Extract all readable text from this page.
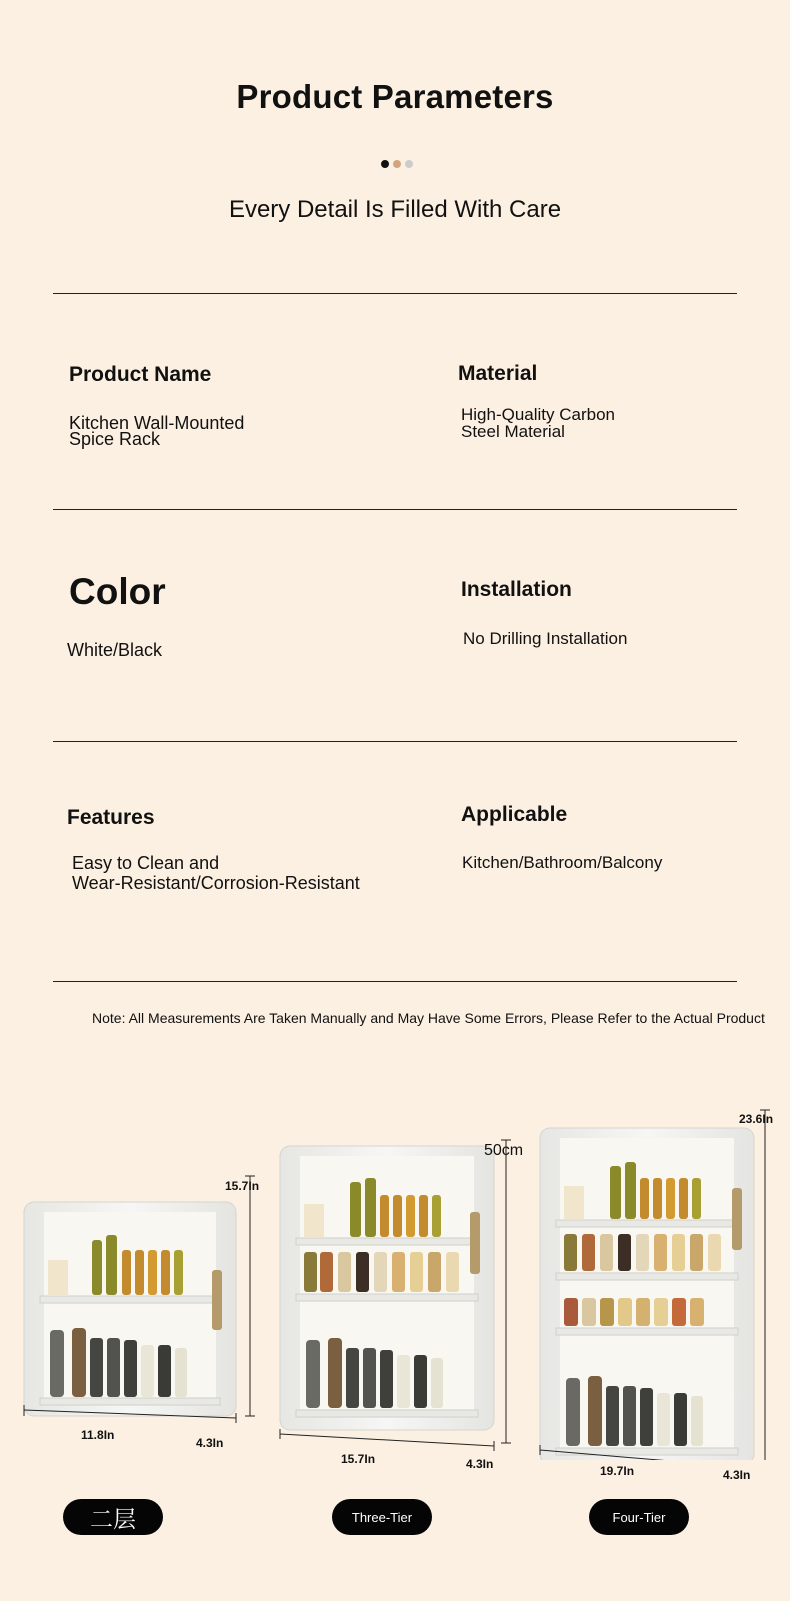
Product Parameters
Every Detail Is Filled With Care
Product Name
Kitchen Wall-Mounted
Spice Rack
Material
High-Quality Carbon
Steel Material
Color
White/Black
Installation
No Drilling Installation
Features
Easy to Clean and
Wear-Resistant/Corrosion-Resistant
Applicable
Kitchen/Bathroom/Balcony
Note: All Measurements Are Taken Manually and May Have Some Errors, Please Refer to the Actual Product
15.7In
11.8In
4.3In
50cm
15.7In	4.3In
23.6In
19.7In	4.3In
二层	Three-Tier	Four-Tier
